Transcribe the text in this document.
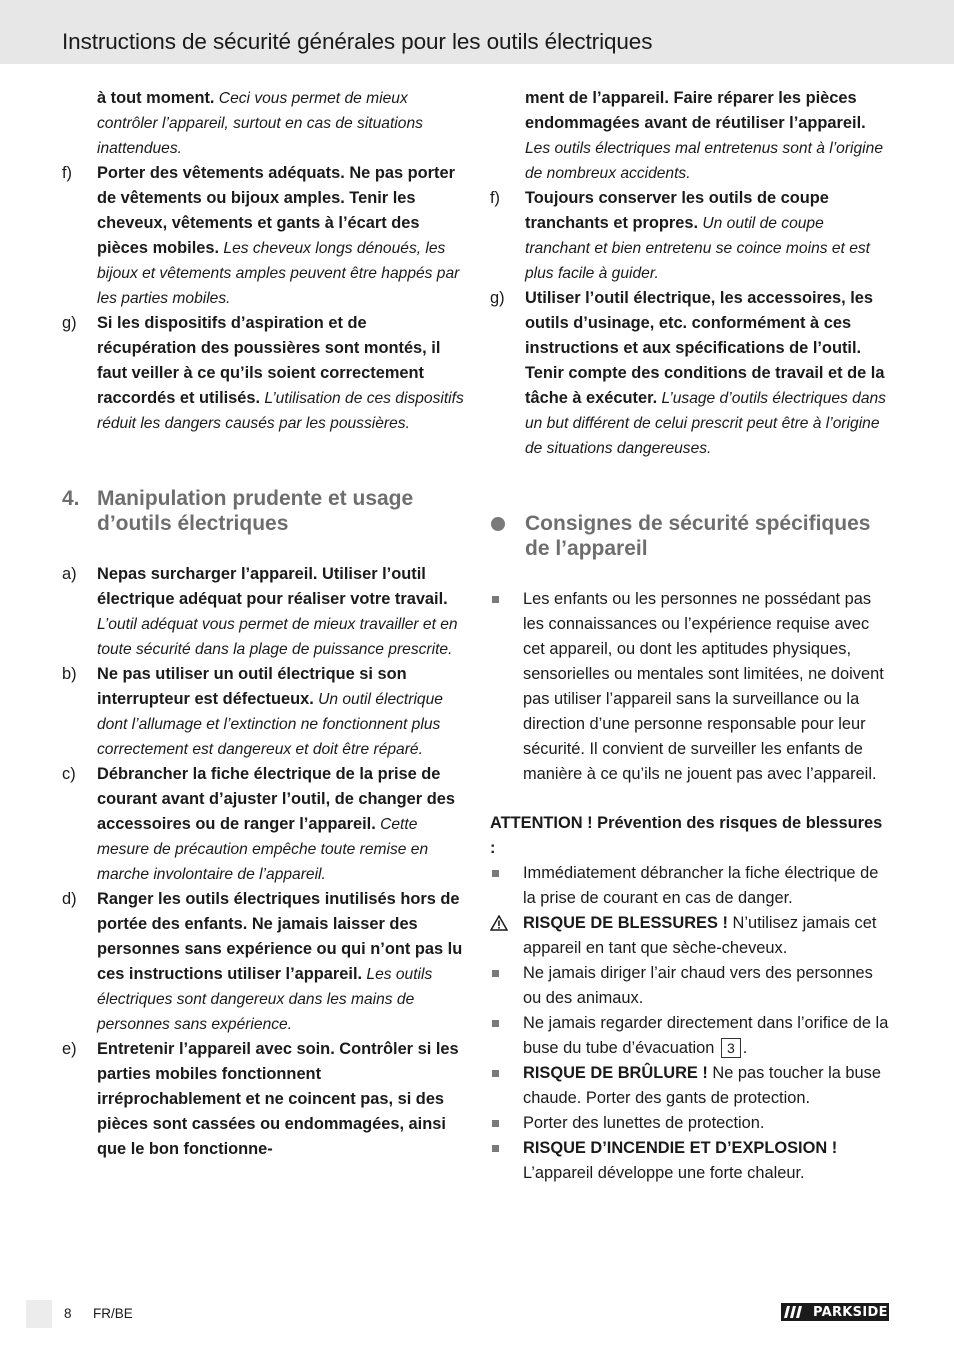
Instructions de sécurité générales pour les outils électriques
à tout moment. Ceci vous permet de mieux contrôler l’appareil, surtout en cas de situations inattendues.
f) Porter des vêtements adéquats. Ne pas porter de vêtements ou bijoux amples. Tenir les cheveux, vêtements et gants à l’écart des pièces mobiles. Les cheveux longs dénoués, les bijoux et vêtements amples peuvent être happés par les parties mobiles.
g) Si les dispositifs d’aspiration et de récupération des poussières sont montés, il faut veiller à ce qu’ils soient correctement raccordés et utilisés. L’utilisation de ces dispositifs réduit les dangers causés par les poussières.
4. Manipulation prudente et usage d’outils électriques
a) Nepas surcharger l’appareil. Utiliser l’outil électrique adéquat pour réaliser votre travail. L’outil adéquat vous permet de mieux travailler et en toute sécurité dans la plage de puissance prescrite.
b) Ne pas utiliser un outil électrique si son interrupteur est défectueux. Un outil électrique dont l’allumage et l’extinction ne fonctionnent plus correctement est dangereux et doit être réparé.
c) Débrancher la fiche électrique de la prise de courant avant d’ajuster l’outil, de changer des accessoires ou de ranger l’appareil. Cette mesure de précaution empêche toute remise en marche involontaire de l’appareil.
d) Ranger les outils électriques inutilisés hors de portée des enfants. Ne jamais laisser des personnes sans expérience ou qui n’ont pas lu ces instructions utiliser l’appareil. Les outils électriques sont dangereux dans les mains de personnes sans expérience.
e) Entretenir l’appareil avec soin. Contrôler si les parties mobiles fonctionnent irréprochablement et ne coincent pas, si des pièces sont cassées ou endommagées, ainsi que le bon fonctionne-
ment de l’appareil. Faire réparer les pièces endommagées avant de réutiliser l’appareil. Les outils électriques mal entretenus sont à l’origine de nombreux accidents.
f) Toujours conserver les outils de coupe tranchants et propres. Un outil de coupe tranchant et bien entretenu se coince moins et est plus facile à guider.
g) Utiliser l’outil électrique, les accessoires, les outils d’usinage, etc. conformément à ces instructions et aux spécifications de l’outil. Tenir compte des conditions de travail et de la tâche à exécuter. L’usage d’outils électriques dans un but différent de celui prescrit peut être à l’origine de situations dangereuses.
Consignes de sécurité spécifiques de l’appareil
Les enfants ou les personnes ne possédant pas les connaissances ou l’expérience requise avec cet appareil, ou dont les aptitudes physiques, sensorielles ou mentales sont limitées, ne doivent pas utiliser l’appareil sans la surveillance ou la direction d’une personne responsable pour leur sécurité. Il convient de surveiller les enfants de manière à ce qu’ils ne jouent pas avec l’appareil.
ATTENTION ! Prévention des risques de blessures :
Immédiatement débrancher la fiche électrique de la prise de courant en cas de danger.
RISQUE DE BLESSURES ! N’utilisez jamais cet appareil en tant que sèche-cheveux.
Ne jamais diriger l’air chaud vers des personnes ou des animaux.
Ne jamais regarder directement dans l’orifice de la buse du tube d’évacuation 3 .
RISQUE DE BRÛLURE ! Ne pas toucher la buse chaude. Porter des gants de protection.
Porter des lunettes de protection.
RISQUE D’INCENDIE ET D’EXPLOSION ! L’appareil développe une forte chaleur.
8 FR/BE	PARKSIDE
